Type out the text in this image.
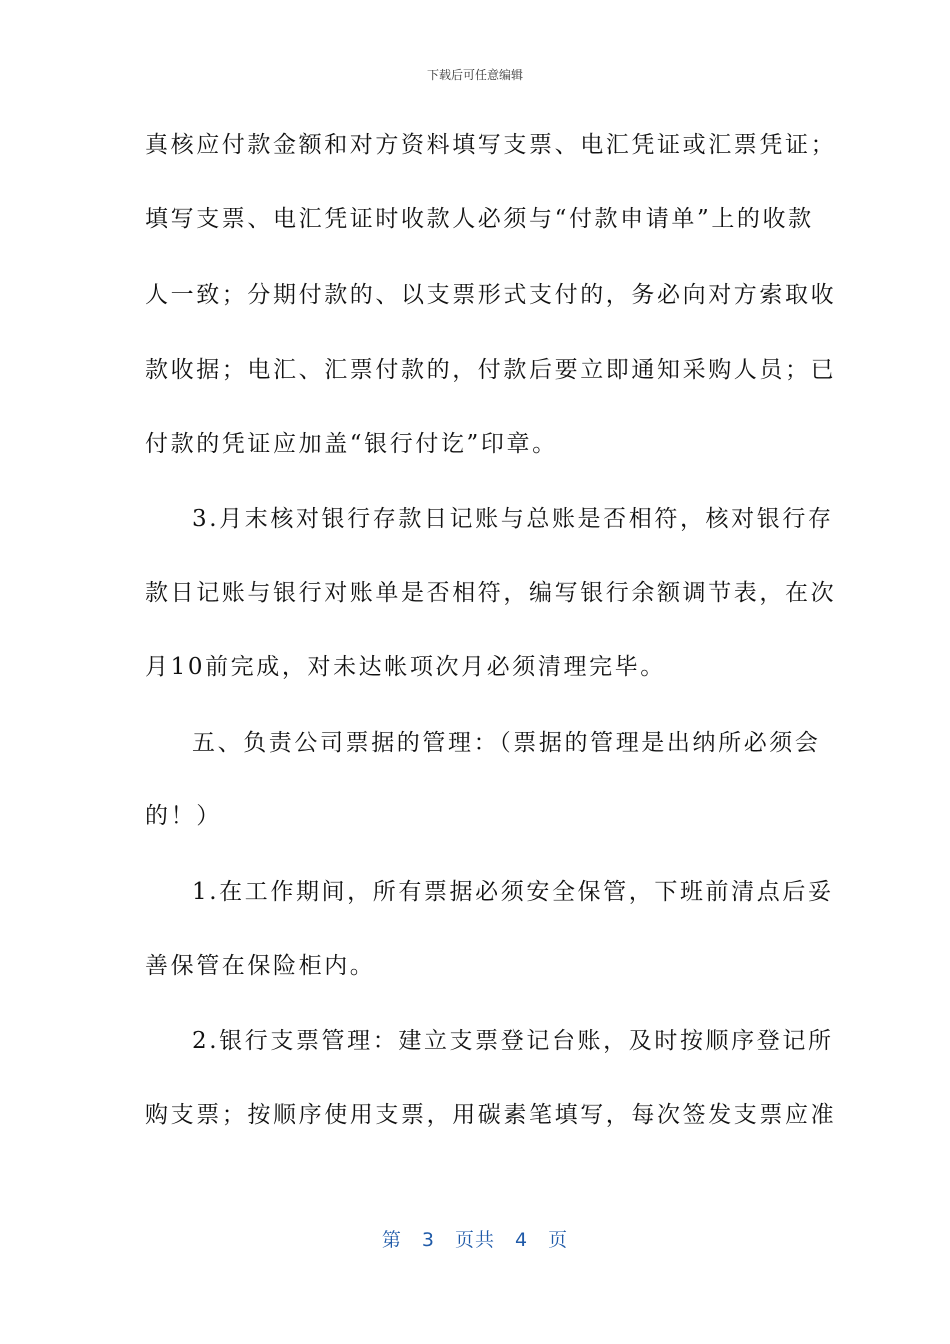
下载后可任意编辑
真核应付款金额和对方资料填写支票、电汇凭证或汇票凭证；
填写支票、电汇凭证时收款人必须与“付款申请单”上的收款
人一致；分期付款的、以支票形式支付的，务必向对方索取收
款收据；电汇、汇票付款的，付款后要立即通知采购人员；已
付款的凭证应加盖“银行付讫”印章。
3.月末核对银行存款日记账与总账是否相符，核对银行存
款日记账与银行对账单是否相符，编写银行余额调节表，在次
月10前完成，对未达帐项次月必须清理完毕。
五、负责公司票据的管理：（票据的管理是出纳所必须会
的！）
1.在工作期间，所有票据必须安全保管，下班前清点后妥
善保管在保险柜内。
2.银行支票管理：建立支票登记台账，及时按顺序登记所
购支票；按顺序使用支票，用碳素笔填写，每次签发支票应准
第 3 页共 4 页
